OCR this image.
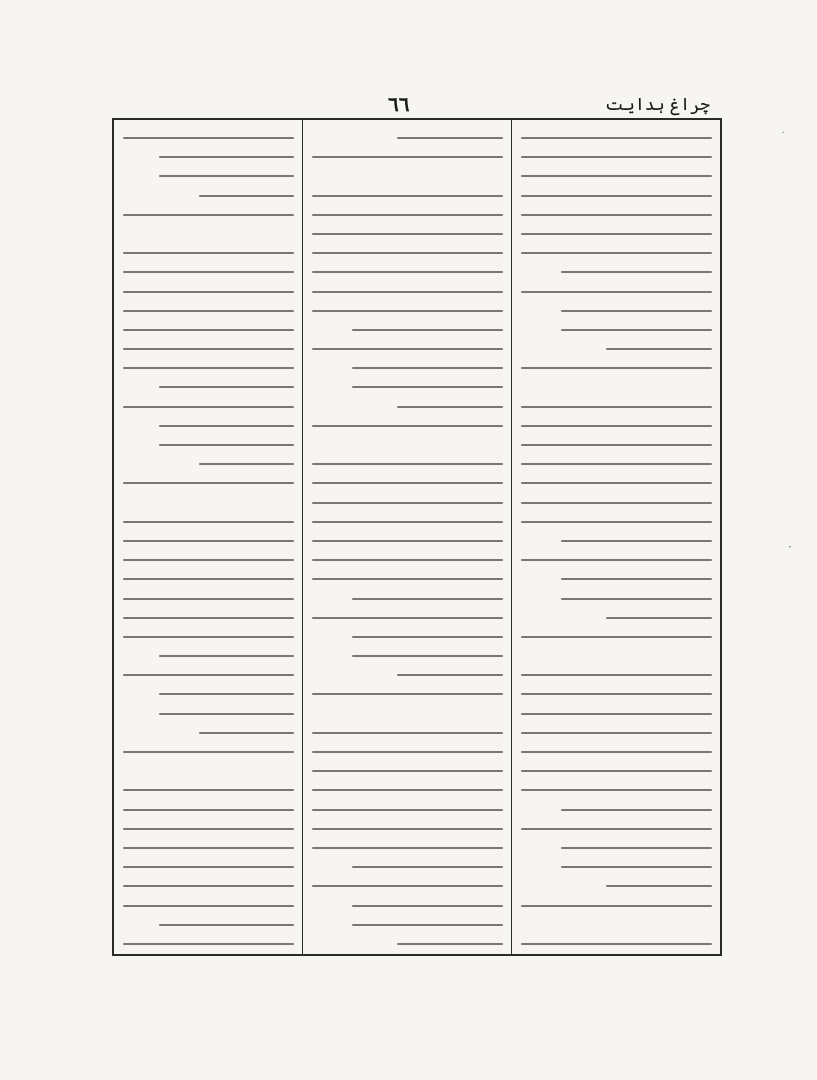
چراغ ہدایت
٦٦
˙
·
